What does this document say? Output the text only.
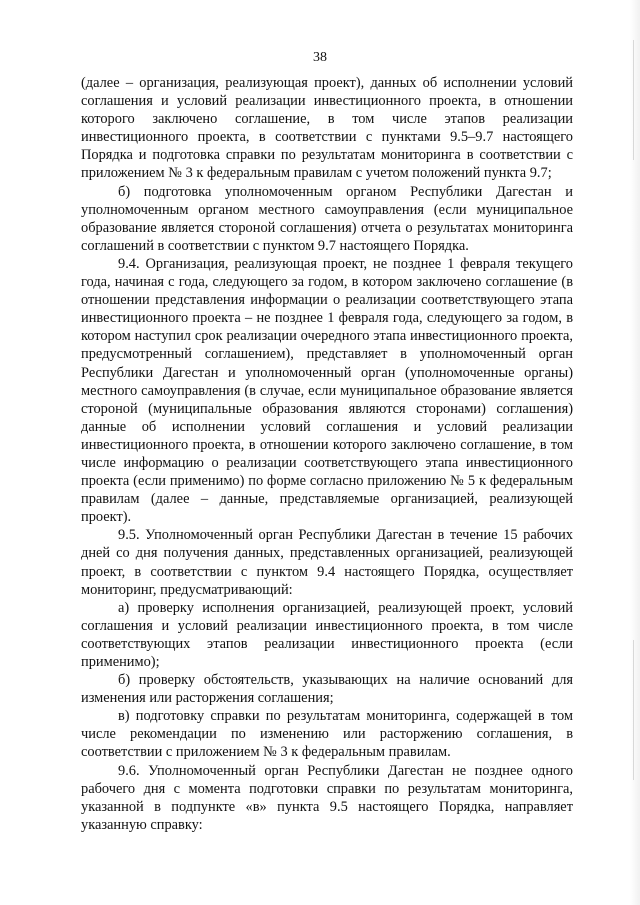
38

(далее – организация, реализующая проект), данных об исполнении условий соглашения и условий реализации инвестиционного проекта, в отношении которого заключено соглашение, в том числе этапов реализации инвестиционного проекта, в соответствии с пунктами 9.5–9.7 настоящего Порядка и подготовка справки по результатам мониторинга в соответствии с приложением № 3 к федеральным правилам с учетом положений пункта 9.7;

б) подготовка уполномоченным органом Республики Дагестан и уполномоченным органом местного самоуправления (если муниципальное образование является стороной соглашения) отчета о результатах мониторинга соглашений в соответствии с пунктом 9.7 настоящего Порядка.

9.4. Организация, реализующая проект, не позднее 1 февраля текущего года, начиная с года, следующего за годом, в котором заключено соглашение (в отношении представления информации о реализации соответствующего этапа инвестиционного проекта – не позднее 1 февраля года, следующего за годом, в котором наступил срок реализации очередного этапа инвестиционного проекта, предусмотренный соглашением), представляет в уполномоченный орган Республики Дагестан и уполномоченный орган (уполномоченные органы) местного самоуправления (в случае, если муниципальное образование является стороной (муниципальные образования являются сторонами) соглашения) данные об исполнении условий соглашения и условий реализации инвестиционного проекта, в отношении которого заключено соглашение, в том числе информацию о реализации соответствующего этапа инвестиционного проекта (если применимо) по форме согласно приложению № 5 к федеральным правилам (далее – данные, представляемые организацией, реализующей проект).

9.5. Уполномоченный орган Республики Дагестан в течение 15 рабочих дней со дня получения данных, представленных организацией, реализующей проект, в соответствии с пунктом 9.4 настоящего Порядка, осуществляет мониторинг, предусматривающий:

а) проверку исполнения организацией, реализующей проект, условий соглашения и условий реализации инвестиционного проекта, в том числе соответствующих этапов реализации инвестиционного проекта (если применимо);

б) проверку обстоятельств, указывающих на наличие оснований для изменения или расторжения соглашения;

в) подготовку справки по результатам мониторинга, содержащей в том числе рекомендации по изменению или расторжению соглашения, в соответствии с приложением № 3 к федеральным правилам.

9.6. Уполномоченный орган Республики Дагестан не позднее одного рабочего дня с момента подготовки справки по результатам мониторинга, указанной в подпункте «в» пункта 9.5 настоящего Порядка, направляет указанную справку:
